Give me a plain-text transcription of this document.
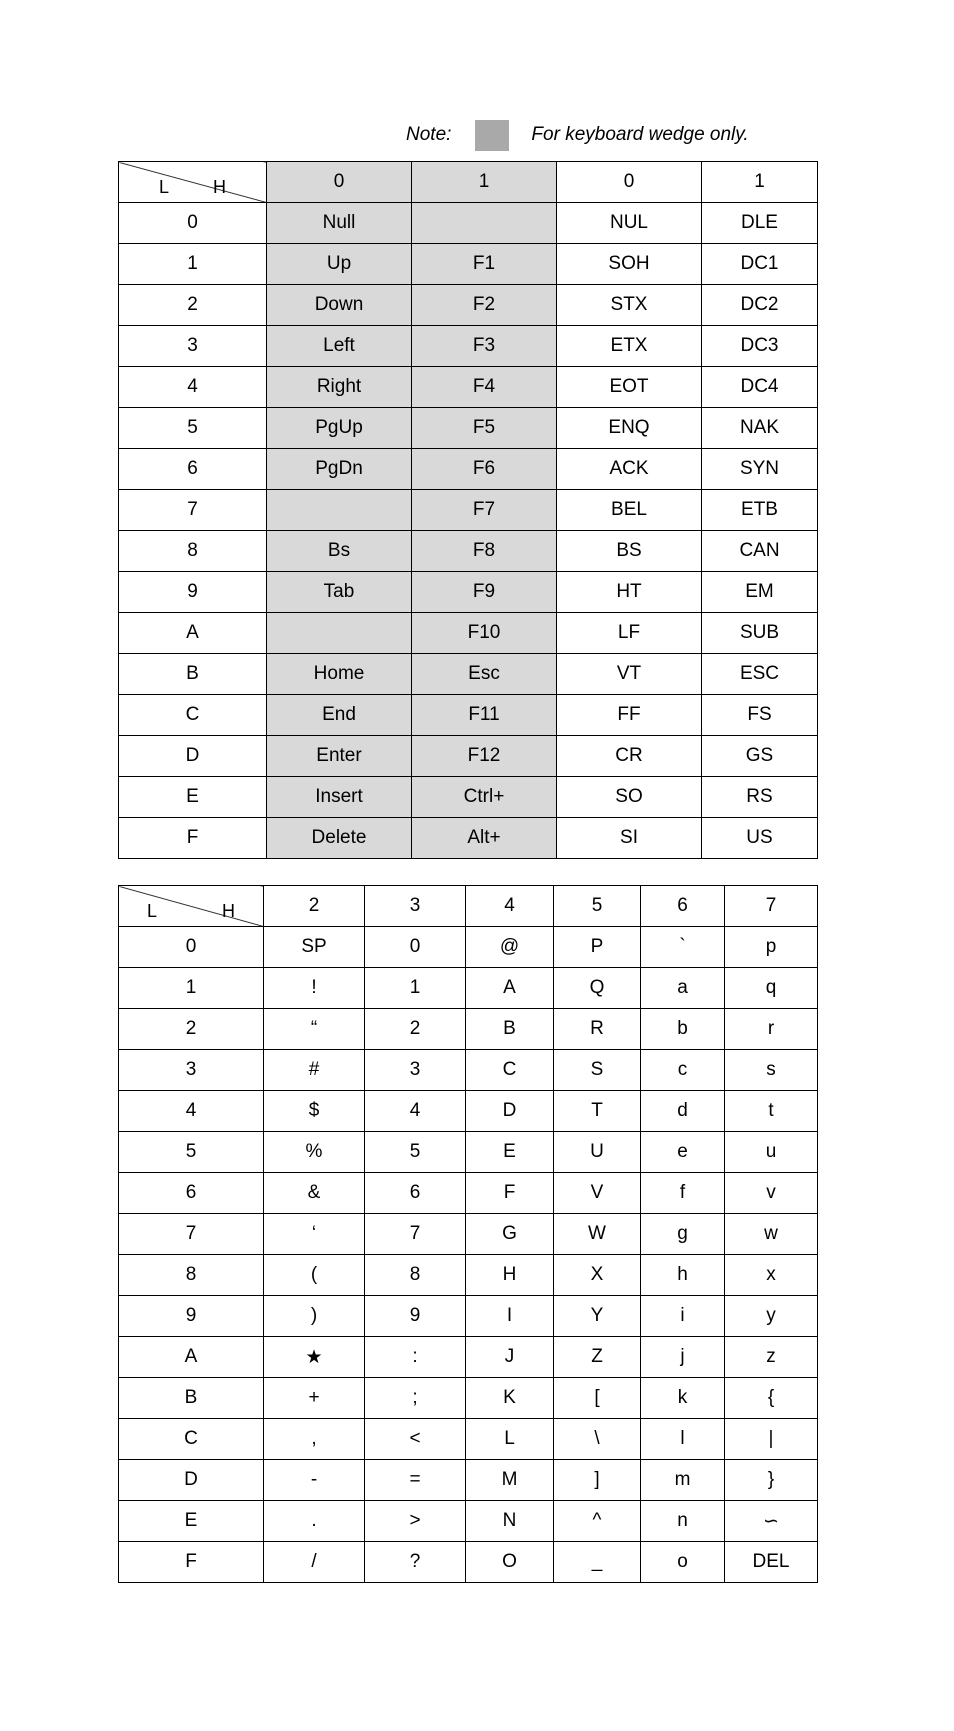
Note:	For keyboard wedge only.
L H	0	1	0	1
0	Null		NUL	DLE
1	Up	F1	SOH	DC1
2	Down	F2	STX	DC2
3	Left	F3	ETX	DC3
4	Right	F4	EOT	DC4
5	PgUp	F5	ENQ	NAK
6	PgDn	F6	ACK	SYN
7		F7	BEL	ETB
8	Bs	F8	BS	CAN
9	Tab	F9	HT	EM
A		F10	LF	SUB
B	Home	Esc	VT	ESC
C	End	F11	FF	FS
D	Enter	F12	CR	GS
E	Insert	Ctrl+	SO	RS
F	Delete	Alt+	SI	US
L H	2	3	4	5	6	7
0	SP	0	@	P	`	p
1	!	1	A	Q	a	q
2	“	2	B	R	b	r
3	#	3	C	S	c	s
4	$	4	D	T	d	t
5	%	5	E	U	e	u
6	&	6	F	V	f	v
7	‘	7	G	W	g	w
8	(	8	H	X	h	x
9	)	9	I	Y	i	y
A	★	:	J	Z	j	z
B	+	;	K	[	k	{
C	,	<	L	\	l	|
D	-	=	M	]	m	}
E	.	>	N	^	n	∽
F	/	?	O	_	o	DEL
